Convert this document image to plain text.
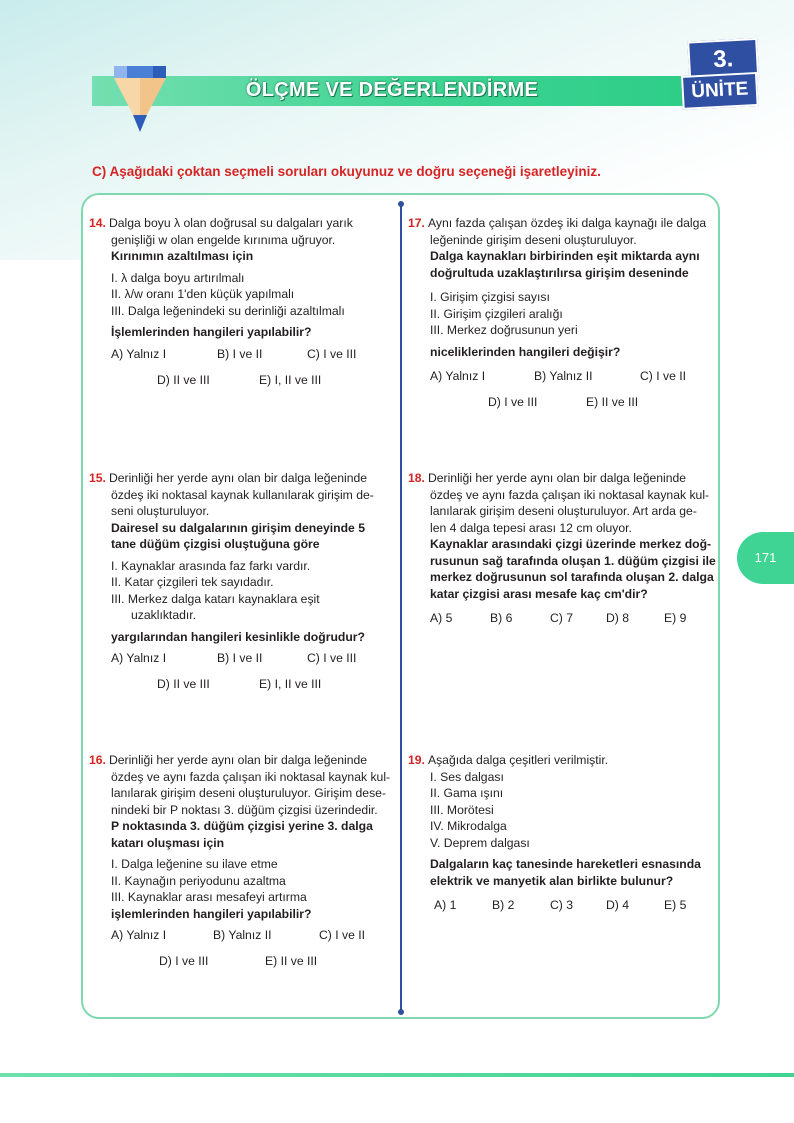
ÖLÇME VE DEĞERLENDİRME
3.
ÜNİTE
C) Aşağıdaki çoktan seçmeli soruları okuyunuz ve doğru seçeneği işaretleyiniz.
171

14. Dalga boyu λ olan doğrusal su dalgaları yarık

genişliği w olan engelde kırınıma uğruyor.

Kırınımın azaltılması için

I. λ dalga boyu artırılmalı

II. λ/w oranı 1'den küçük yapılmalı

III. Dalga leğenindeki su derinliği azaltılmalı

İşlemlerinden hangileri yapılabilir?

A) Yalnız I	B) I ve II	C) I ve III
D) II ve III	E) I, II ve III

15. Derinliği her yerde aynı olan bir dalga leğeninde

özdeş iki noktasal kaynak kullanılarak girişim de-

seni oluşturuluyor.

Dairesel su dalgalarının girişim deneyinde 5

tane düğüm çizgisi oluştuğuna göre

I. Kaynaklar arasında faz farkı vardır.

II. Katar çizgileri tek sayıdadır.

III. Merkez dalga katarı kaynaklara eşit

uzaklıktadır.

yargılarından hangileri kesinlikle doğrudur?

A) Yalnız I	B) I ve II	C) I ve III
D) II ve III	E) I, II ve III

16. Derinliği her yerde aynı olan bir dalga leğeninde

özdeş ve aynı fazda çalışan iki noktasal kaynak kul-

lanılarak girişim deseni oluşturuluyor. Girişim dese-

nindeki bir P noktası 3. düğüm çizgisi üzerindedir.

P noktasında 3. düğüm çizgisi yerine 3. dalga

katarı oluşması için

I. Dalga leğenine su ilave etme

II. Kaynağın periyodunu azaltma

III. Kaynaklar arası mesafeyi artırma

işlemlerinden hangileri yapılabilir?

A) Yalnız I	B) Yalnız II	C) I ve II
D) I ve III	E) II ve III

17. Aynı fazda çalışan özdeş iki dalga kaynağı ile dalga

leğeninde girişim deseni oluşturuluyor.

Dalga kaynakları birbirinden eşit miktarda aynı

doğrultuda uzaklaştırılırsa girişim deseninde

I. Girişim çizgisi sayısı

II. Girişim çizgileri aralığı

III. Merkez doğrusunun yeri

niceliklerinden hangileri değişir?

A) Yalnız I	B) Yalnız II	C) I ve II
D) I ve III	E) II ve III

18. Derinliği her yerde aynı olan bir dalga leğeninde

özdeş ve aynı fazda çalışan iki noktasal kaynak kul-

lanılarak girişim deseni oluşturuluyor. Art arda ge-

len 4 dalga tepesi arası 12 cm oluyor.

Kaynaklar arasındaki çizgi üzerinde merkez doğ-

rusunun sağ tarafında oluşan 1. düğüm çizgisi ile

merkez doğrusunun sol tarafında oluşan 2. dalga

katar çizgisi arası mesafe kaç cm'dir?

A) 5	B) 6	C) 7	D) 8	E) 9

19. Aşağıda dalga çeşitleri verilmiştir.

I. Ses dalgası

II. Gama ışını

III. Morötesi

IV. Mikrodalga

V. Deprem dalgası

Dalgaların kaç tanesinde hareketleri esnasında

elektrik ve manyetik alan birlikte bulunur?

A) 1	B) 2	C) 3	D) 4	E) 5
